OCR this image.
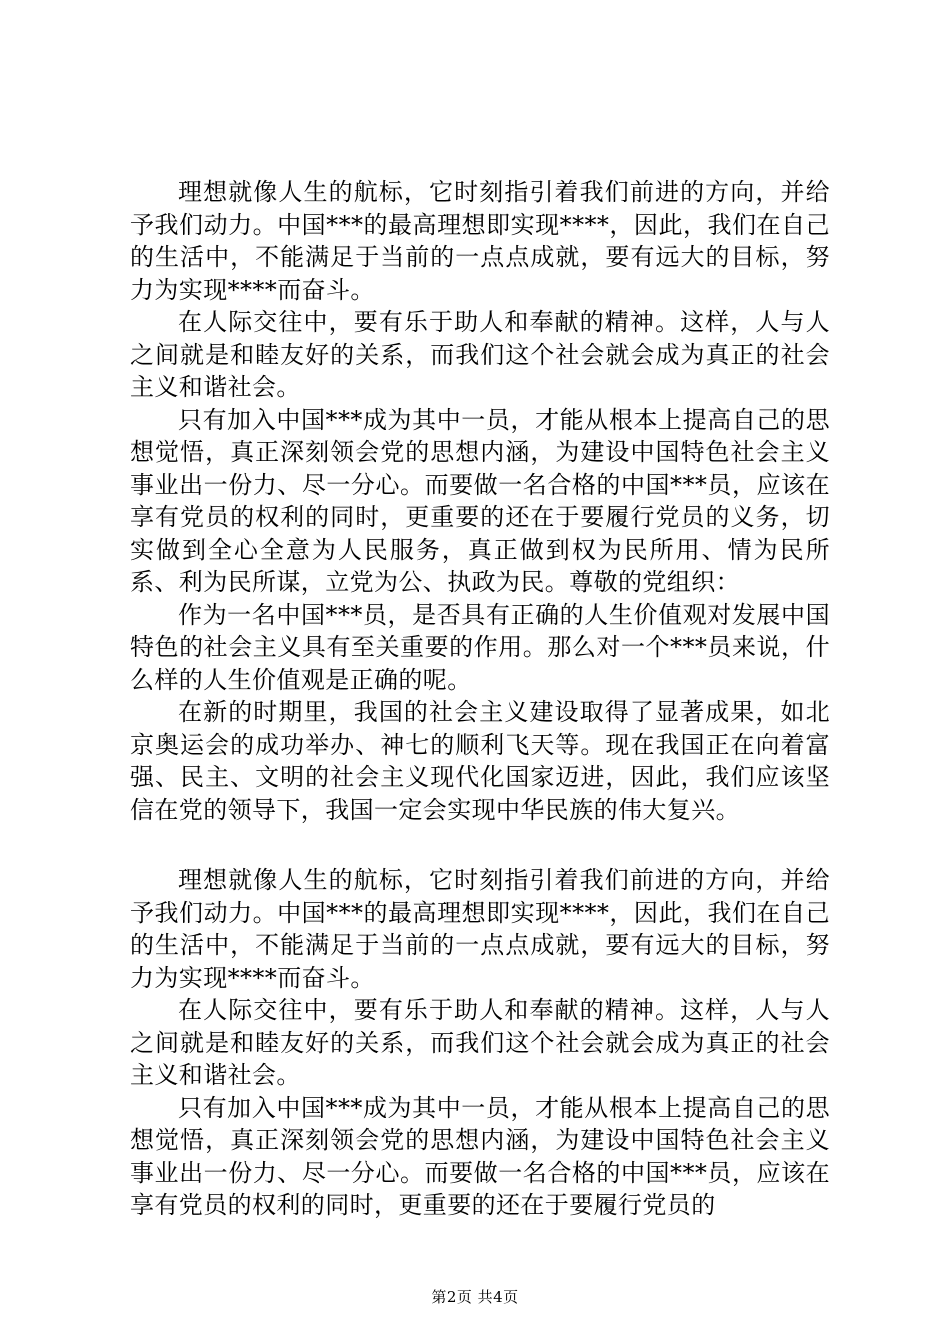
理想就像人生的航标，它时刻指引着我们前进的方向，并给予我们动力。中国***的最高理想即实现****，因此，我们在自己的生活中，不能满足于当前的一点点成就，要有远大的目标，努力为实现****而奋斗。

在人际交往中，要有乐于助人和奉献的精神。这样，人与人之间就是和睦友好的关系，而我们这个社会就会成为真正的社会主义和谐社会。

只有加入中国***成为其中一员，才能从根本上提高自己的思想觉悟，真正深刻领会党的思想内涵，为建设中国特色社会主义事业出一份力、尽一分心。而要做一名合格的中国***员，应该在享有党员的权利的同时，更重要的还在于要履行党员的义务，切实做到全心全意为人民服务，真正做到权为民所用、情为民所系、利为民所谋，立党为公、执政为民。尊敬的党组织：

作为一名中国***员，是否具有正确的人生价值观对发展中国特色的社会主义具有至关重要的作用。那么对一个***员来说，什么样的人生价值观是正确的呢。

在新的时期里，我国的社会主义建设取得了显著成果，如北京奥运会的成功举办、神七的顺利飞天等。现在我国正在向着富强、民主、文明的社会主义现代化国家迈进，因此，我们应该坚信在党的领导下，我国一定会实现中华民族的伟大复兴。

理想就像人生的航标，它时刻指引着我们前进的方向，并给予我们动力。中国***的最高理想即实现****，因此，我们在自己的生活中，不能满足于当前的一点点成就，要有远大的目标，努力为实现****而奋斗。

在人际交往中，要有乐于助人和奉献的精神。这样，人与人之间就是和睦友好的关系，而我们这个社会就会成为真正的社会主义和谐社会。

只有加入中国***成为其中一员，才能从根本上提高自己的思想觉悟，真正深刻领会党的思想内涵，为建设中国特色社会主义事业出一份力、尽一分心。而要做一名合格的中国***员，应该在享有党员的权利的同时，更重要的还在于要履行党员的

第2页 共4页
